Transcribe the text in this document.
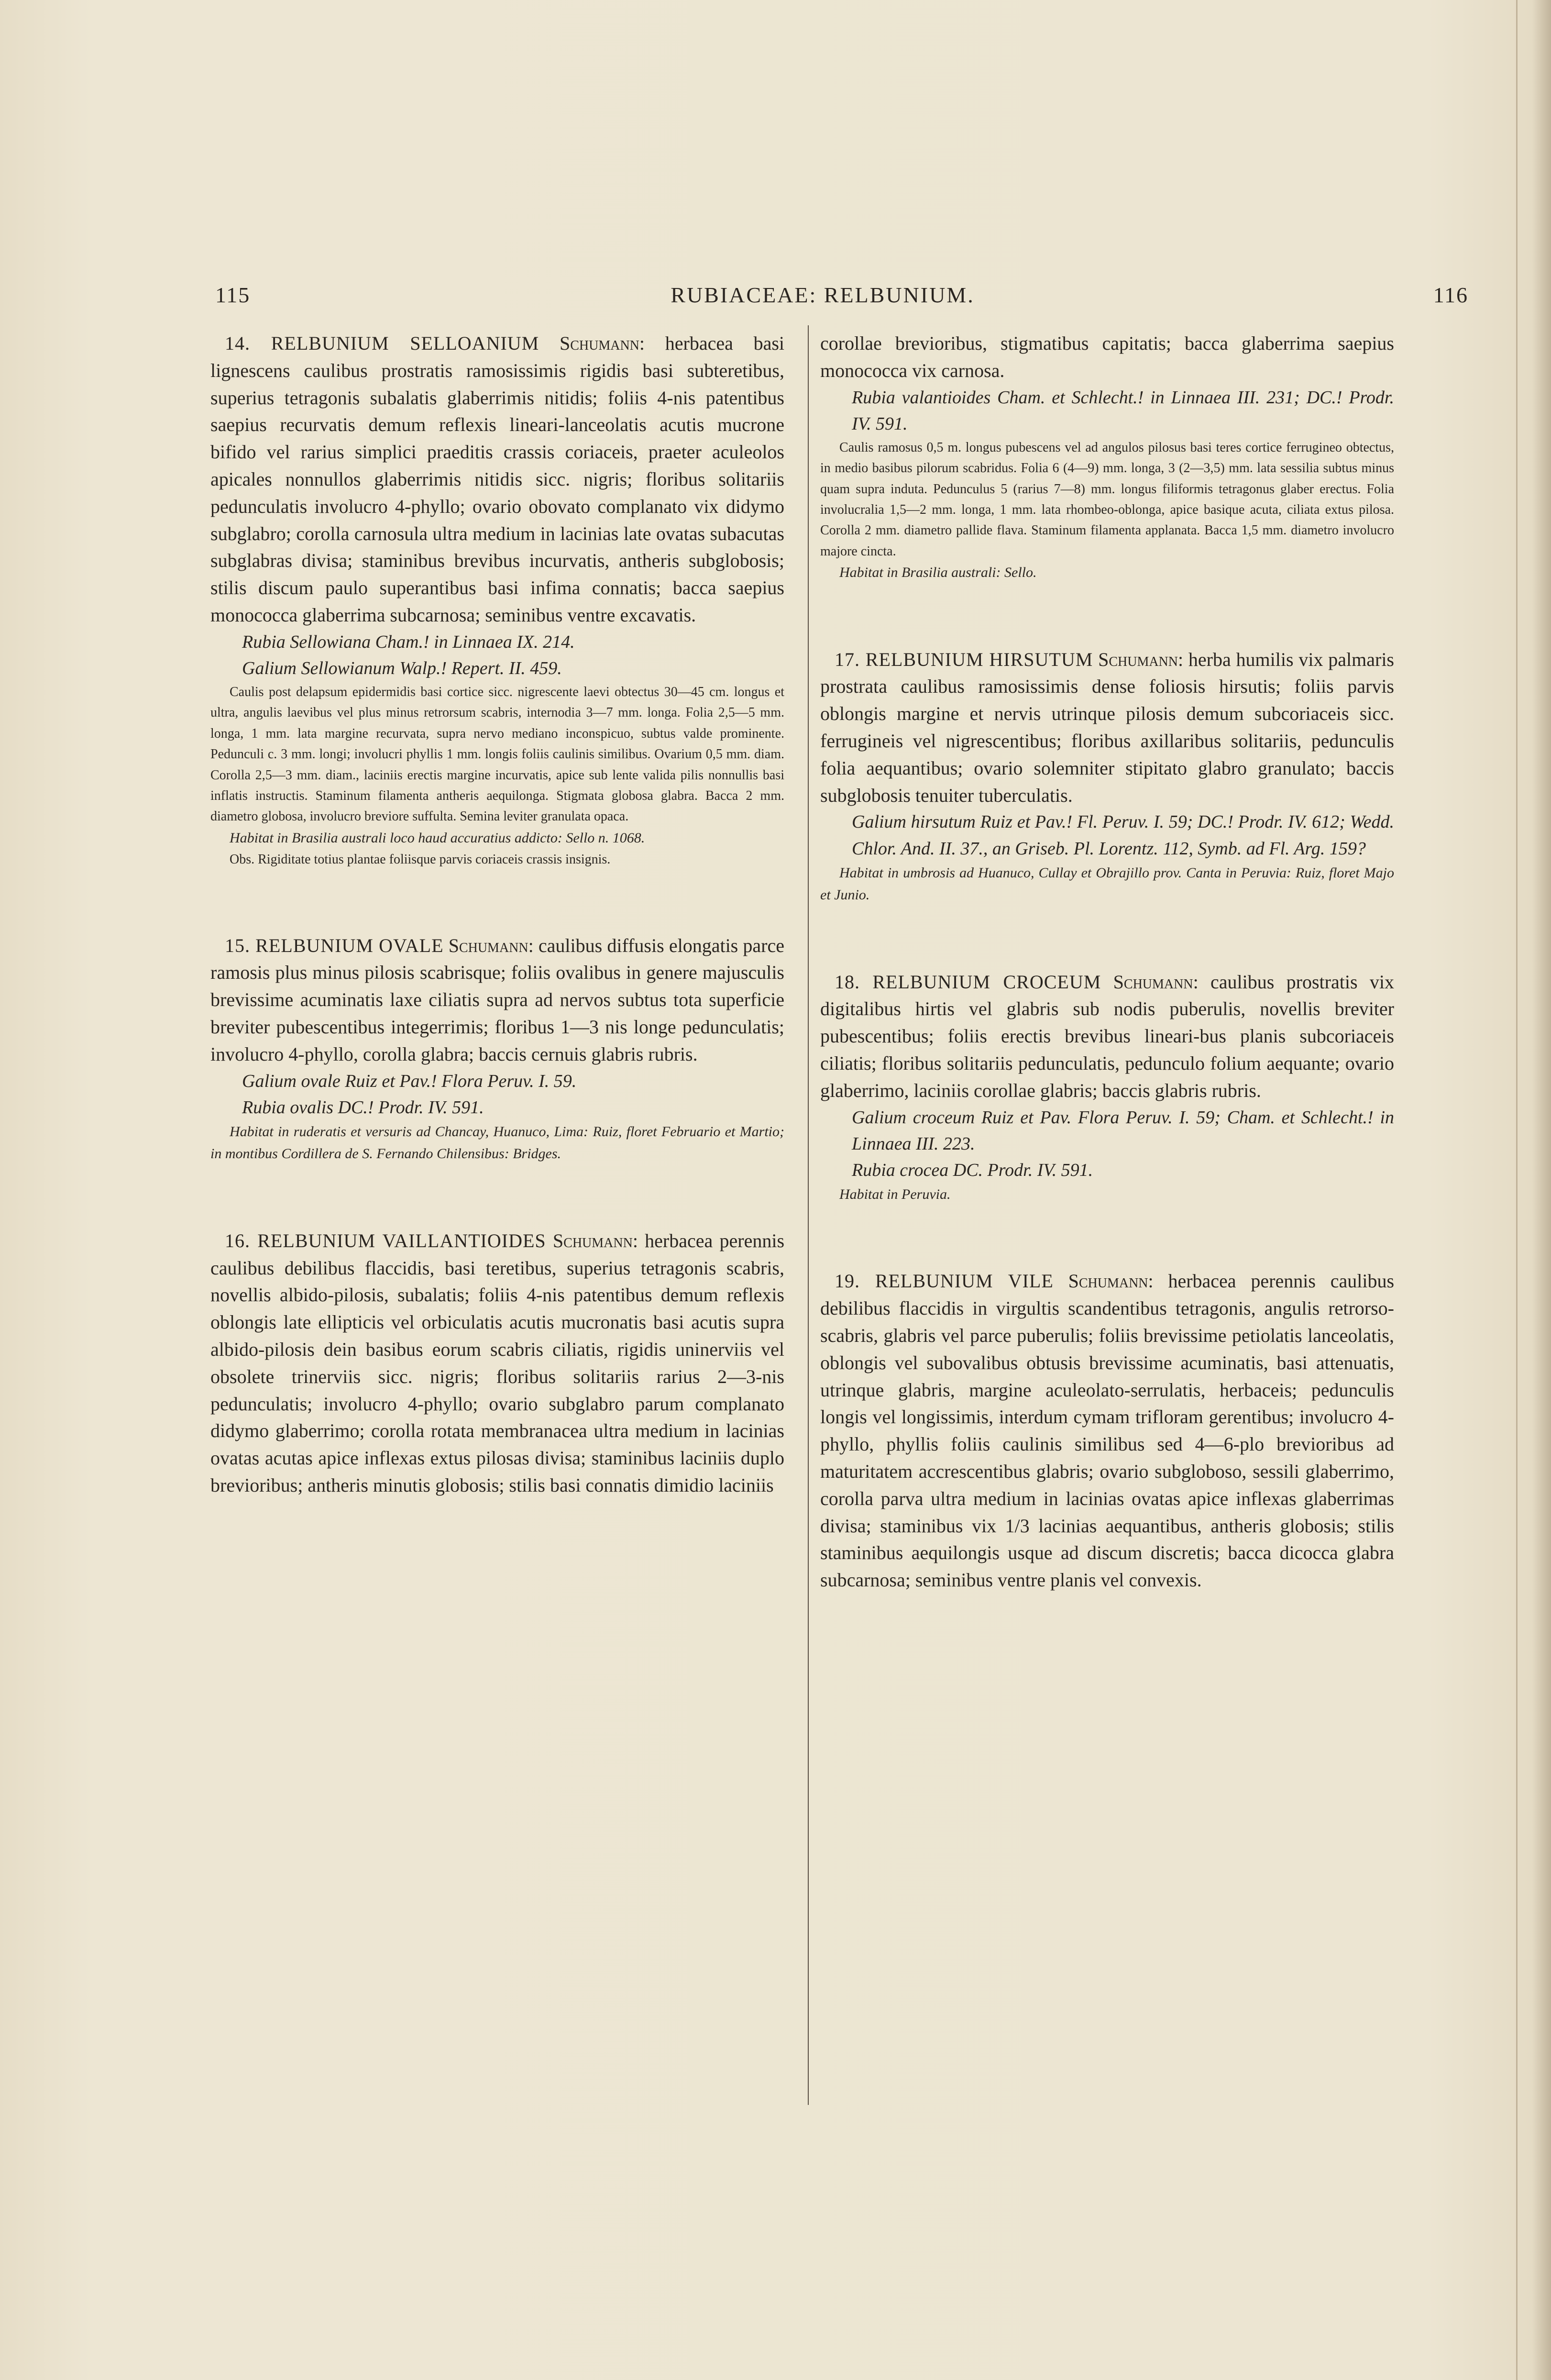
115	RUBIACEAE: RELBUNIUM.	116

14. RELBUNIUM SELLOANIUM Schumann: herbacea basi lignescens caulibus prostratis ramosissimis rigidis basi subteretibus, superius tetragonis subalatis glaberrimis nitidis; foliis 4-nis patentibus saepius recurvatis demum reflexis lineari-lanceolatis acutis mucrone bifido vel rarius simplici praeditis crassis coriaceis, praeter aculeolos apicales nonnullos glaberrimis nitidis sicc. nigris; floribus solitariis pedunculatis involucro 4-phyllo; ovario obovato complanato vix didymo subglabro; corolla carnosula ultra medium in lacinias late ovatas subacutas subglabras divisa; staminibus brevibus incurvatis, antheris subglobosis; stilis discum paulo superantibus basi infima connatis; bacca saepius monococca glaberrima subcarnosa; seminibus ventre excavatis.

Rubia Sellowiana Cham.! in Linnaea IX. 214.

Galium Sellowianum Walp.! Repert. II. 459.

Caulis post delapsum epidermidis basi cortice sicc. nigrescente laevi obtectus 30—45 cm. longus et ultra, angulis laevibus vel plus minus retrorsum scabris, internodia 3—7 mm. longa. Folia 2,5—5 mm. longa, 1 mm. lata margine recurvata, supra nervo mediano inconspicuo, subtus valde prominente. Pedunculi c. 3 mm. longi; involucri phyllis 1 mm. longis foliis caulinis similibus. Ovarium 0,5 mm. diam. Corolla 2,5—3 mm. diam., laciniis erectis margine incurvatis, apice sub lente valida pilis nonnullis basi inflatis instructis. Staminum filamenta antheris aequilonga. Stigmata globosa glabra. Bacca 2 mm. diametro globosa, involucro breviore suffulta. Semina leviter granulata opaca.

Habitat in Brasilia australi loco haud accuratius addicto: Sello n. 1068.

Obs. Rigiditate totius plantae foliisque parvis coriaceis crassis insignis.

15. RELBUNIUM OVALE Schumann: caulibus diffusis elongatis parce ramosis plus minus pilosis scabrisque; foliis ovalibus in genere majusculis brevissime acuminatis laxe ciliatis supra ad nervos subtus tota superficie breviter pubescentibus integerrimis; floribus 1—3 nis longe pedunculatis; involucro 4-phyllo, corolla glabra; baccis cernuis glabris rubris.

Galium ovale Ruiz et Pav.! Flora Peruv. I. 59.

Rubia ovalis DC.! Prodr. IV. 591.

Habitat in ruderatis et versuris ad Chancay, Huanuco, Lima: Ruiz, floret Februario et Martio; in montibus Cordillera de S. Fernando Chilensibus: Bridges.

16. RELBUNIUM VAILLANTIOIDES Schumann: herbacea perennis caulibus debilibus flaccidis, basi teretibus, superius tetragonis scabris, novellis albido-pilosis, subalatis; foliis 4-nis patentibus demum reflexis oblongis late ellipticis vel orbiculatis acutis mucronatis basi acutis supra albido-pilosis dein basibus eorum scabris ciliatis, rigidis uninerviis vel obsolete trinerviis sicc. nigris; floribus solitariis rarius 2—3-nis pedunculatis; involucro 4-phyllo; ovario subglabro parum complanato didymo glaberrimo; corolla rotata membranacea ultra medium in lacinias ovatas acutas apice inflexas extus pilosas divisa; staminibus laciniis duplo brevioribus; antheris minutis globosis; stilis basi connatis dimidio laciniis

corollae brevioribus, stigmatibus capitatis; bacca glaberrima saepius monococca vix carnosa.

Rubia valantioides Cham. et Schlecht.! in Linnaea III. 231; DC.! Prodr. IV. 591.

Caulis ramosus 0,5 m. longus pubescens vel ad angulos pilosus basi teres cortice ferrugineo obtectus, in medio basibus pilorum scabridus. Folia 6 (4—9) mm. longa, 3 (2—3,5) mm. lata sessilia subtus minus quam supra induta. Pedunculus 5 (rarius 7—8) mm. longus filiformis tetragonus glaber erectus. Folia involucralia 1,5—2 mm. longa, 1 mm. lata rhombeo-oblonga, apice basique acuta, ciliata extus pilosa. Corolla 2 mm. diametro pallide flava. Staminum filamenta applanata. Bacca 1,5 mm. diametro involucro majore cincta.

Habitat in Brasilia australi: Sello.

17. RELBUNIUM HIRSUTUM Schumann: herba humilis vix palmaris prostrata caulibus ramosissimis dense foliosis hirsutis; foliis parvis oblongis margine et nervis utrinque pilosis demum subcoriaceis sicc. ferrugineis vel nigrescentibus; floribus axillaribus solitariis, pedunculis folia aequantibus; ovario solemniter stipitato glabro granulato; baccis subglobosis tenuiter tuberculatis.

Galium hirsutum Ruiz et Pav.! Fl. Peruv. I. 59; DC.! Prodr. IV. 612; Wedd. Chlor. And. II. 37., an Griseb. Pl. Lorentz. 112, Symb. ad Fl. Arg. 159?

Habitat in umbrosis ad Huanuco, Cullay et Obrajillo prov. Canta in Peruvia: Ruiz, floret Majo et Junio.

18. RELBUNIUM CROCEUM Schumann: caulibus prostratis vix digitalibus hirtis vel glabris sub nodis puberulis, novellis breviter pubescentibus; foliis erectis brevibus lineari-bus planis subcoriaceis ciliatis; floribus solitariis pedunculatis, pedunculo folium aequante; ovario glaberrimo, laciniis corollae glabris; baccis glabris rubris.

Galium croceum Ruiz et Pav. Flora Peruv. I. 59; Cham. et Schlecht.! in Linnaea III. 223.

Rubia crocea DC. Prodr. IV. 591.

Habitat in Peruvia.

19. RELBUNIUM VILE Schumann: herbacea perennis caulibus debilibus flaccidis in virgultis scandentibus tetragonis, angulis retrorso-scabris, glabris vel parce puberulis; foliis brevissime petiolatis lanceolatis, oblongis vel subovalibus obtusis brevissime acuminatis, basi attenuatis, utrinque glabris, margine aculeolato-serrulatis, herbaceis; pedunculis longis vel longissimis, interdum cymam trifloram gerentibus; involucro 4-phyllo, phyllis foliis caulinis similibus sed 4—6-plo brevioribus ad maturitatem accrescentibus glabris; ovario subgloboso, sessili glaberrimo, corolla parva ultra medium in lacinias ovatas apice inflexas glaberrimas divisa; staminibus vix 1/3 lacinias aequantibus, antheris globosis; stilis staminibus aequilongis usque ad discum discretis; bacca dicocca glabra subcarnosa; seminibus ventre planis vel convexis.
